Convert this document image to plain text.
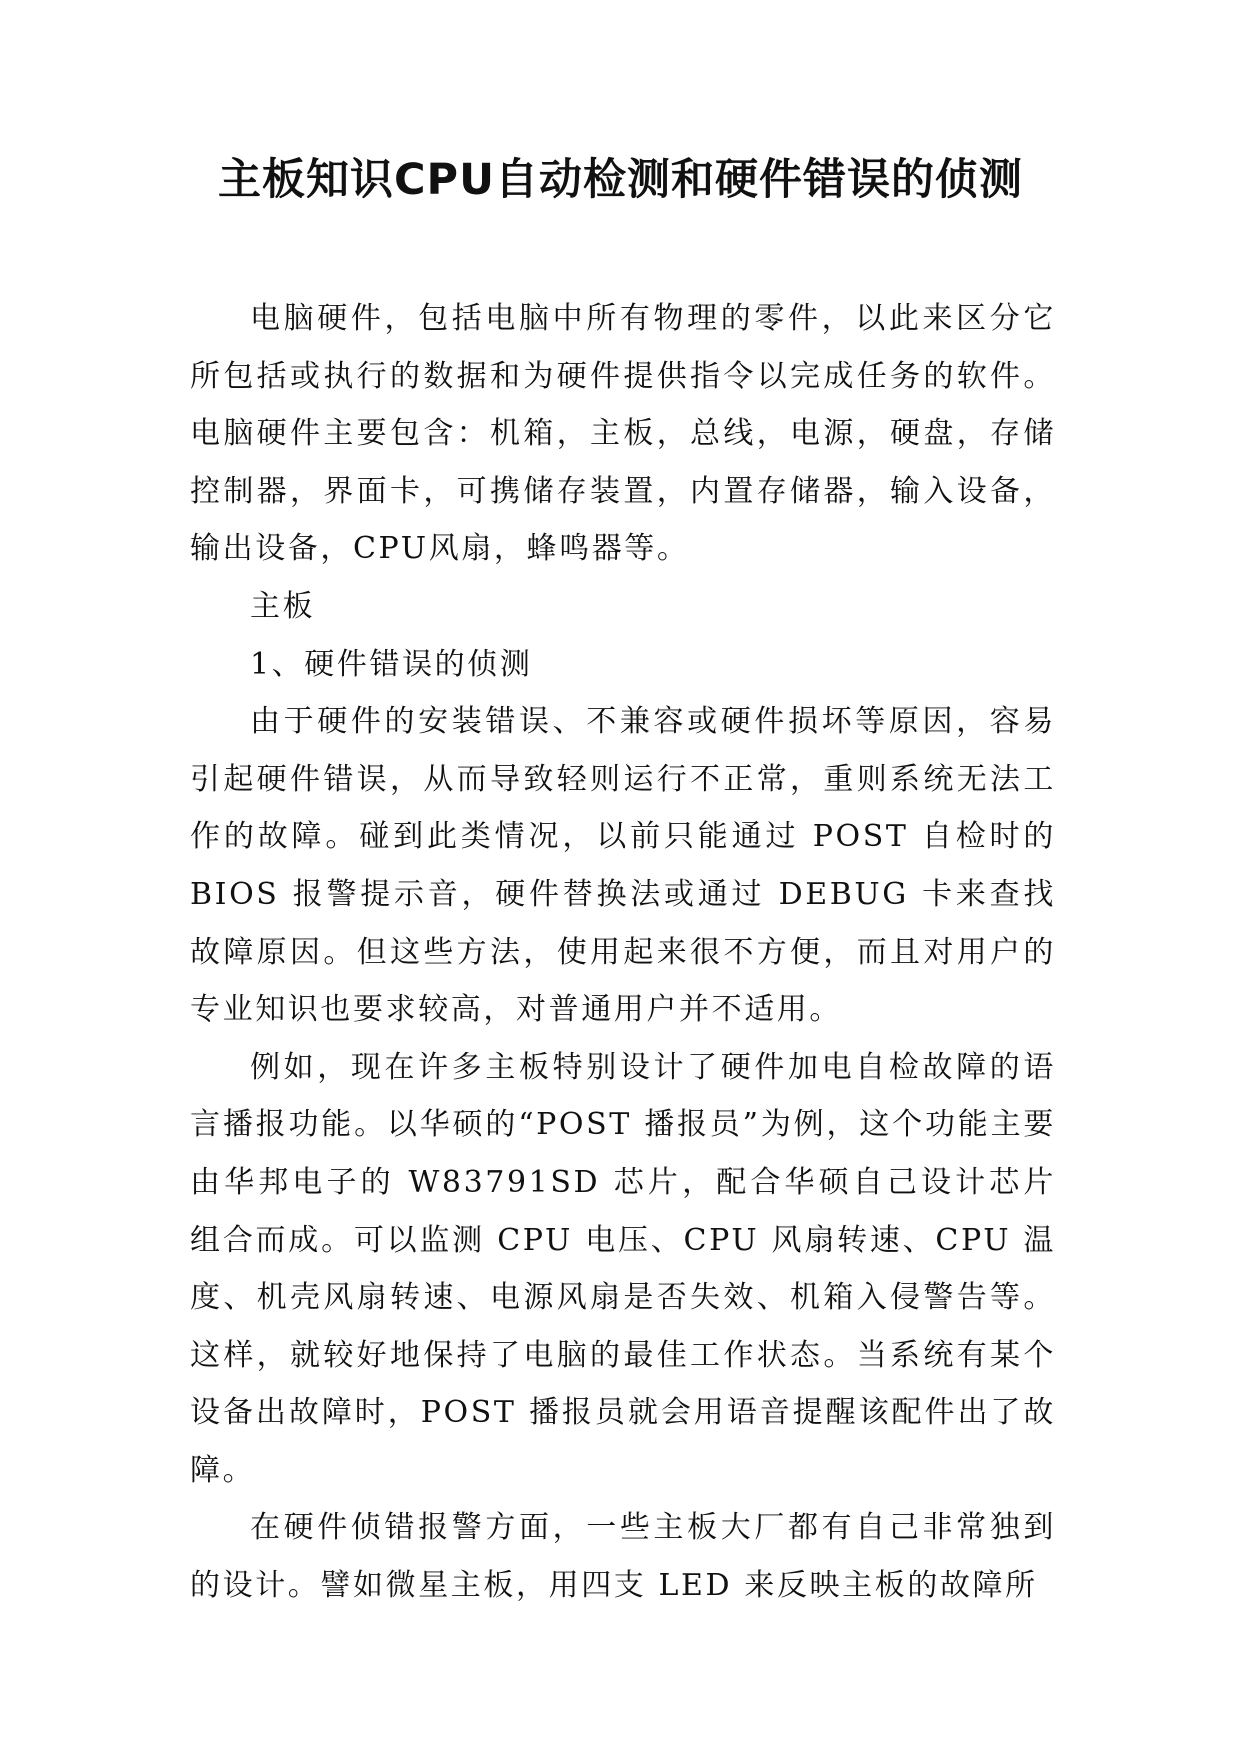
主板知识CPU自动检测和硬件错误的侦测

电脑硬件，包括电脑中所有物理的零件，以此来区分它所包括或执行的数据和为硬件提供指令以完成任务的软件。电脑硬件主要包含：机箱，主板，总线，电源，硬盘，存储控制器，界面卡，可携储存装置，内置存储器，输入设备，输出设备，CPU风扇，蜂鸣器等。

主板

1、硬件错误的侦测

由于硬件的安装错误、不兼容或硬件损坏等原因，容易引起硬件错误，从而导致轻则运行不正常，重则系统无法工作的故障。碰到此类情况，以前只能通过 POST 自检时的 BIOS 报警提示音，硬件替换法或通过 DEBUG 卡来查找故障原因。但这些方法，使用起来很不方便，而且对用户的专业知识也要求较高，对普通用户并不适用。

例如，现在许多主板特别设计了硬件加电自检故障的语言播报功能。以华硕的“POST 播报员”为例，这个功能主要由华邦电子的 W83791SD 芯片，配合华硕自己设计芯片组合而成。可以监测 CPU 电压、CPU 风扇转速、CPU 温度、机壳风扇转速、电源风扇是否失效、机箱入侵警告等。这样，就较好地保持了电脑的最佳工作状态。当系统有某个设备出故障时，POST 播报员就会用语音提醒该配件出了故障。

在硬件侦错报警方面，一些主板大厂都有自己非常独到的设计。譬如微星主板，用四支 LED 来反映主板的故障所
